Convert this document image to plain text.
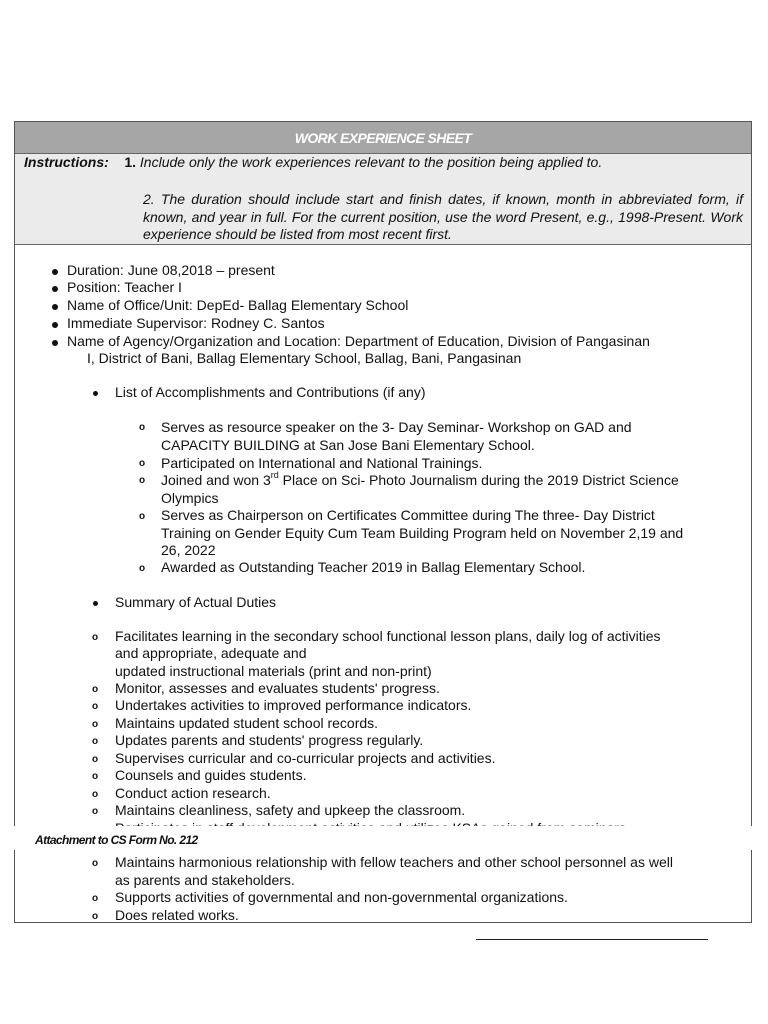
WORK EXPERIENCE SHEET
Instructions: 1. Include only the work experiences relevant to the position being applied to.
2. The duration should include start and finish dates, if known, month in abbreviated form, if known, and year in full. For the current position, use the word Present, e.g., 1998-Present. Work experience should be listed from most recent first.
Duration: June 08,2018 – present
Position: Teacher I
Name of Office/Unit: DepEd- Ballag Elementary School
Immediate Supervisor: Rodney C. Santos
Name of Agency/Organization and Location: Department of Education, Division of Pangasinan
I, District of Bani, Ballag Elementary School, Ballag, Bani, Pangasinan
List of Accomplishments and Contributions (if any)
o Serves as resource speaker on the 3- Day Seminar- Workshop on GAD and
CAPACITY BUILDING at San Jose Bani Elementary School.
o Participated on International and National Trainings.
o Joined and won 3rd Place on Sci- Photo Journalism during the 2019 District Science
Olympics
o Serves as Chairperson on Certificates Committee during The three- Day District
Training on Gender Equity Cum Team Building Program held on November 2,19 and
26, 2022
o Awarded as Outstanding Teacher 2019 in Ballag Elementary School.
Summary of Actual Duties
o Facilitates learning in the secondary school functional lesson plans, daily log of activities
and appropriate, adequate and
updated instructional materials (print and non-print)
o Monitor, assesses and evaluates students' progress.
o Undertakes activities to improved performance indicators.
o Maintains updated student school records.
o Updates parents and students' progress regularly.
o Supervises curricular and co-curricular projects and activities.
o Counsels and guides students.
o Conduct action research.
o Maintains cleanliness, safety and upkeep the classroom.
o Maintains harmonious relationship with fellow teachers and other school personnel as well
as parents and stakeholders.
o Supports activities of governmental and non-governmental organizations.
o Does related works.
Attachment to CS Form No. 212
